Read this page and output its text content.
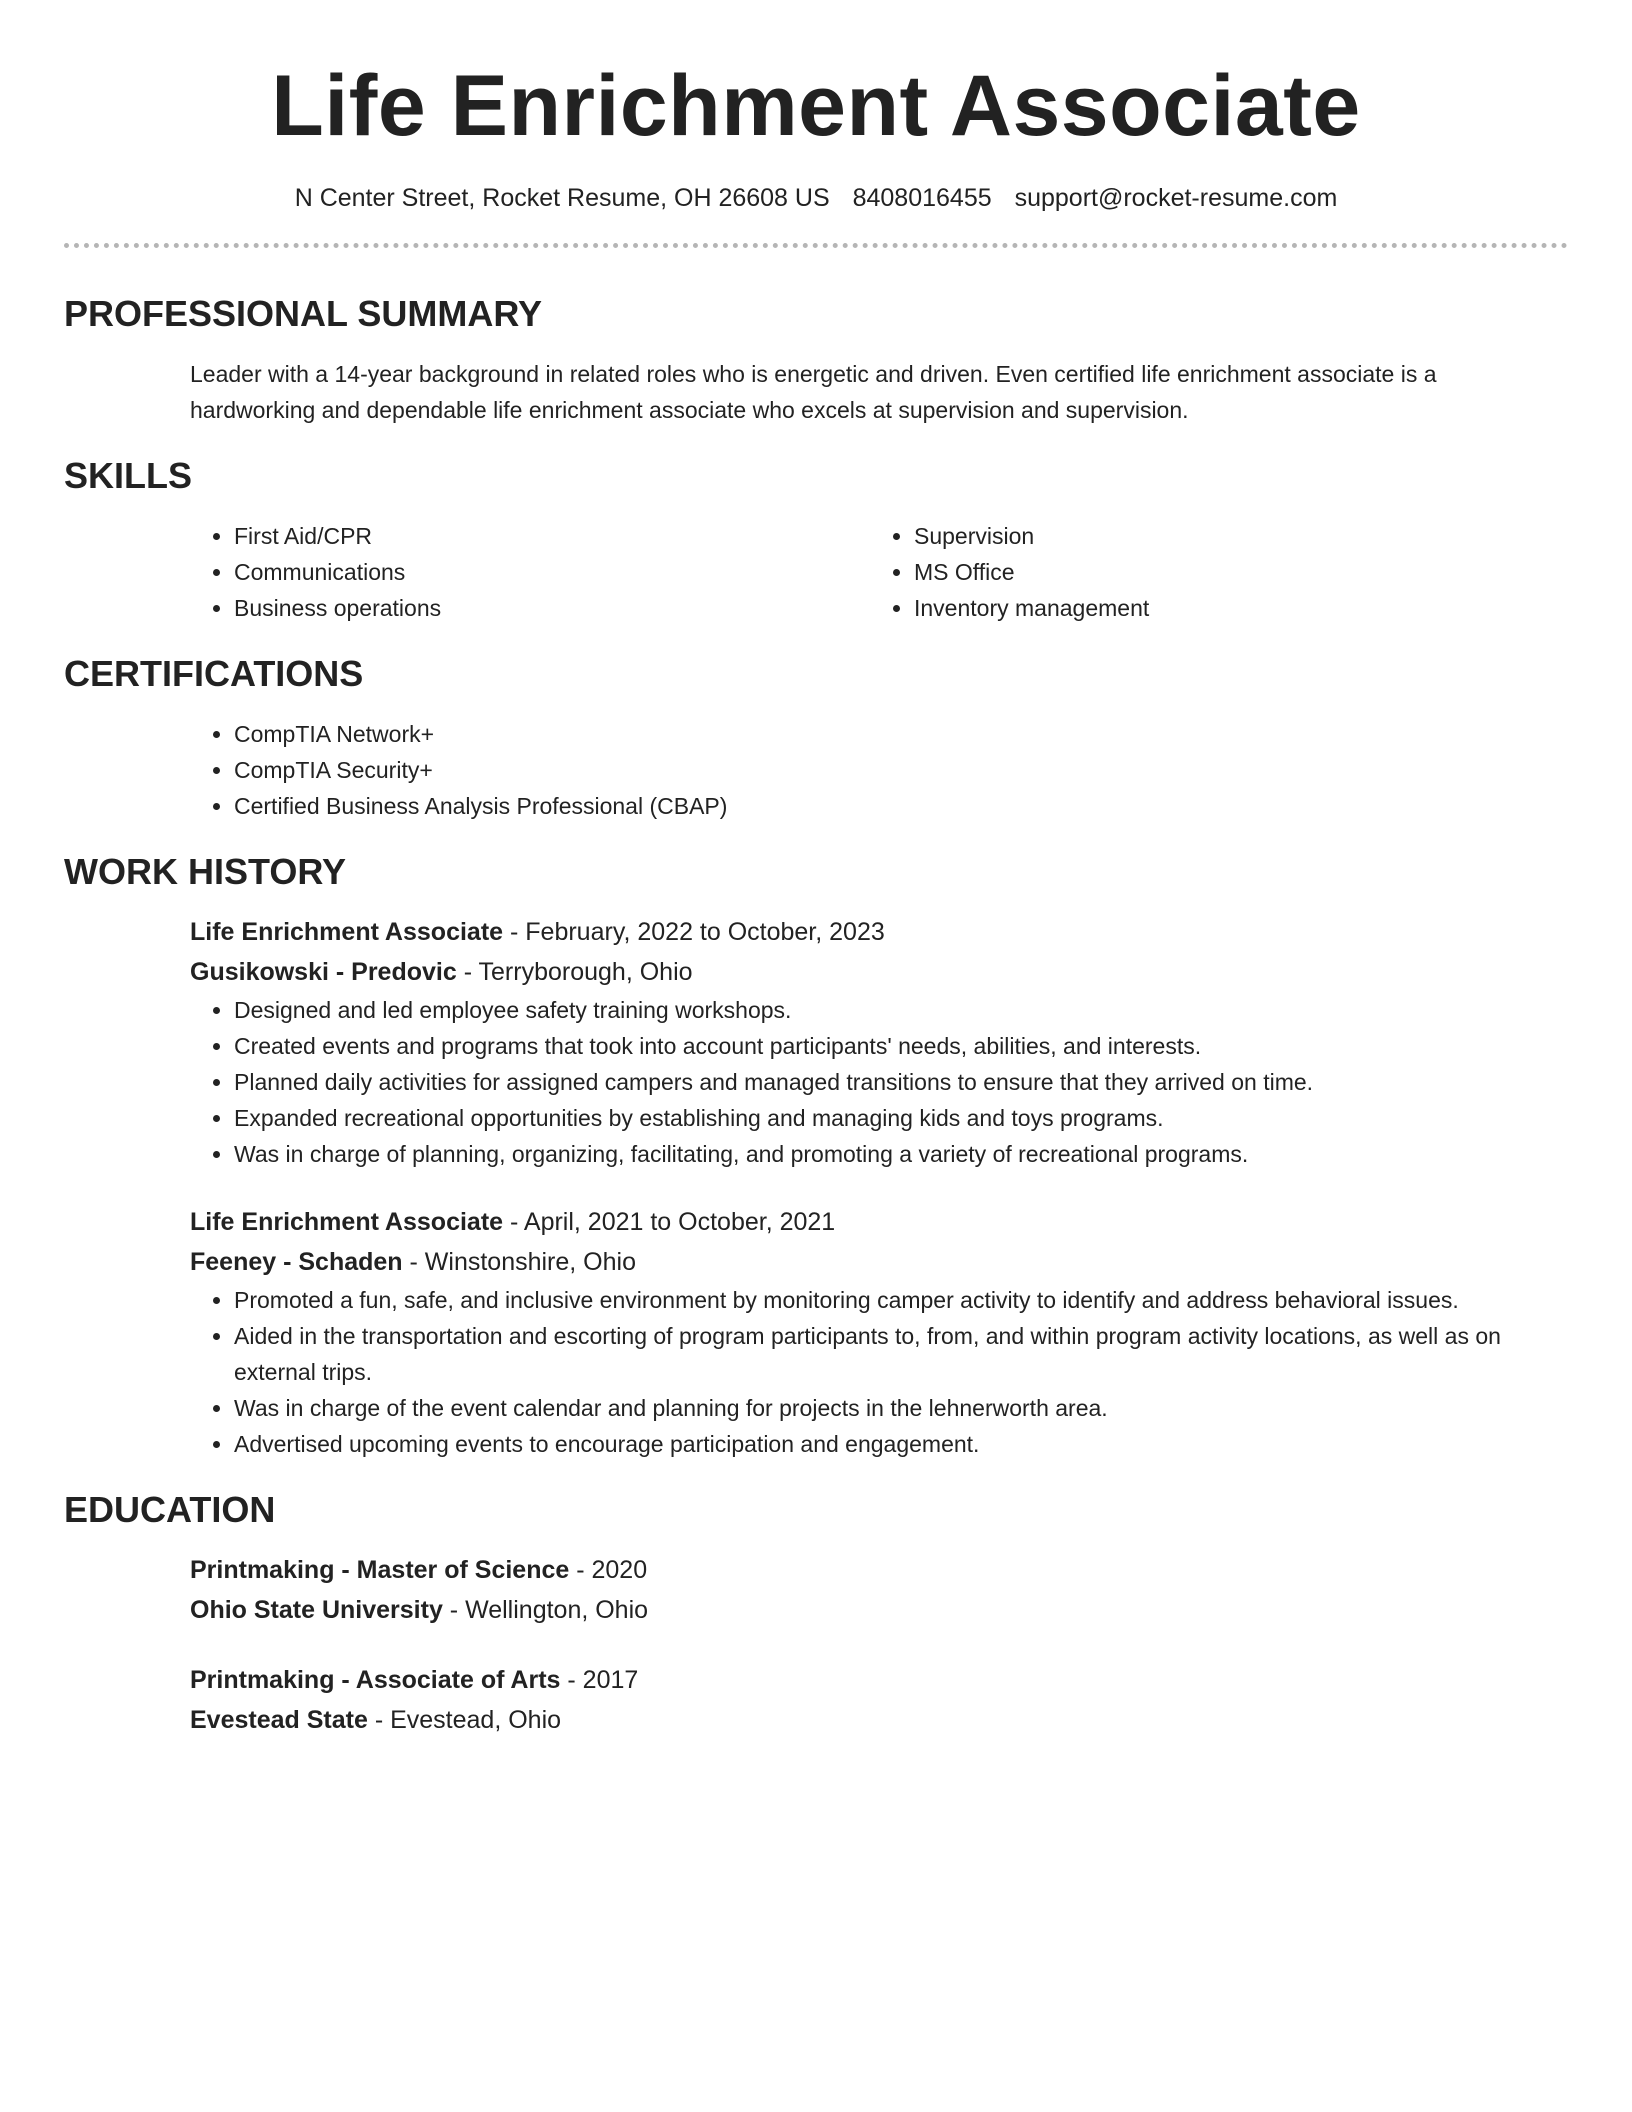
Life Enrichment Associate
N Center Street, Rocket Resume, OH 26608 US 8408016455 support@rocket-resume.com
PROFESSIONAL SUMMARY

Leader with a 14-year background in related roles who is energetic and driven. Even certified life enrichment associate is a hardworking and dependable life enrichment associate who excels at supervision and supervision.

SKILLS
• First Aid/CPR
• Communications
• Business operations
• Supervision
• MS Office
• Inventory management
CERTIFICATIONS
• CompTIA Network+
• CompTIA Security+
• Certified Business Analysis Professional (CBAP)
WORK HISTORY
Life Enrichment Associate - February, 2022 to October, 2023
Gusikowski - Predovic - Terryborough, Ohio
• Designed and led employee safety training workshops.
• Created events and programs that took into account participants' needs, abilities, and interests.
• Planned daily activities for assigned campers and managed transitions to ensure that they arrived on time.
• Expanded recreational opportunities by establishing and managing kids and toys programs.
• Was in charge of planning, organizing, facilitating, and promoting a variety of recreational programs.
Life Enrichment Associate - April, 2021 to October, 2021
Feeney - Schaden - Winstonshire, Ohio
• Promoted a fun, safe, and inclusive environment by monitoring camper activity to identify and address behavioral issues.
• Aided in the transportation and escorting of program participants to, from, and within program activity locations, as well as on external trips.
• Was in charge of the event calendar and planning for projects in the lehnerworth area.
• Advertised upcoming events to encourage participation and engagement.
EDUCATION
Printmaking - Master of Science - 2020
Ohio State University - Wellington, Ohio
Printmaking - Associate of Arts - 2017
Evestead State - Evestead, Ohio
